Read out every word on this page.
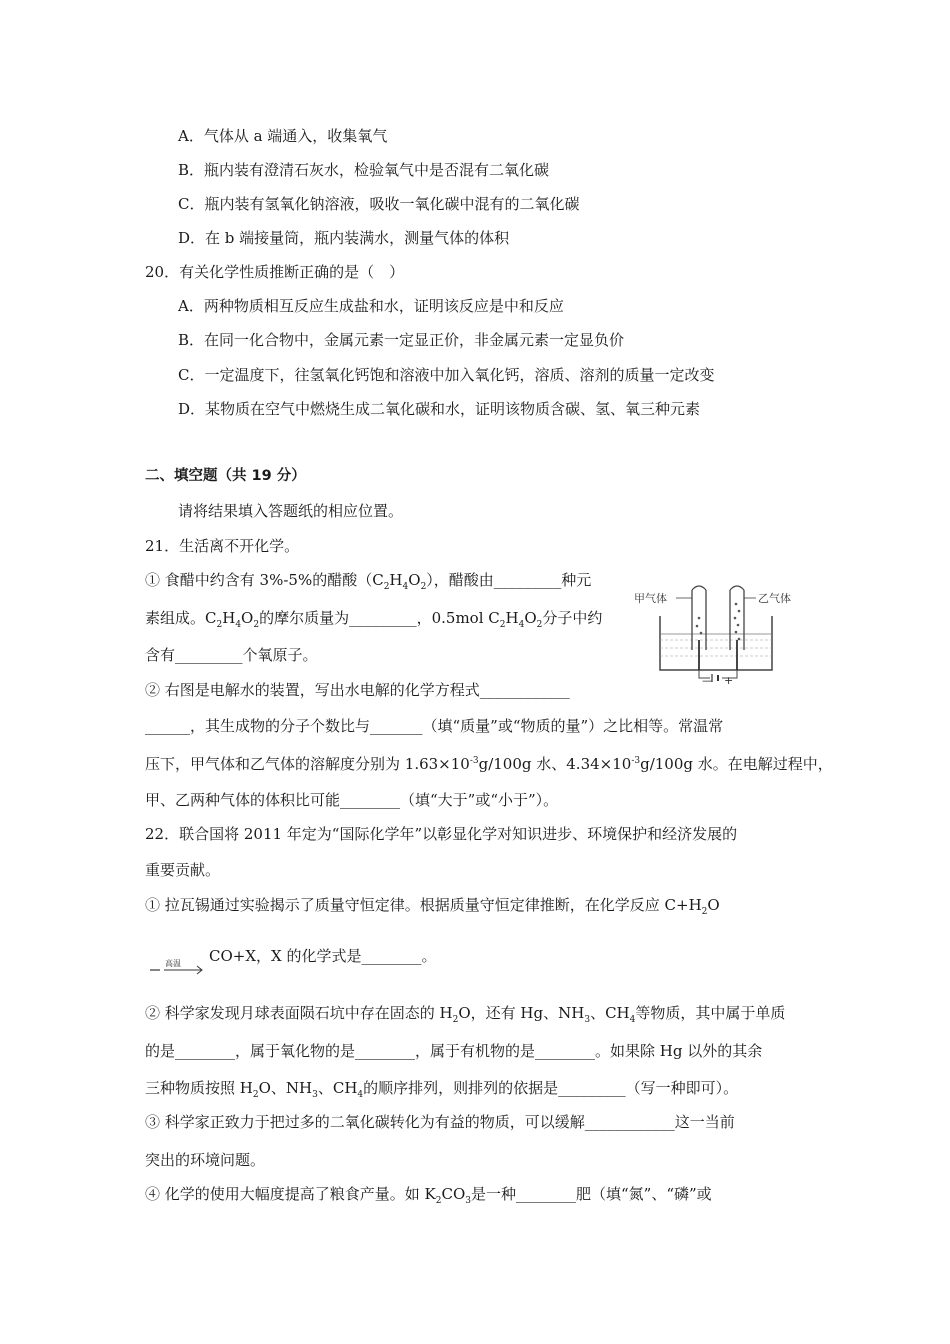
A．气体从 a 端通入，收集氧气
B．瓶内装有澄清石灰水，检验氧气中是否混有二氧化碳
C．瓶内装有氢氧化钠溶液，吸收一氧化碳中混有的二氧化碳
D．在 b 端接量筒，瓶内装满水，测量气体的体积
20．有关化学性质推断正确的是（　）
A．两种物质相互反应生成盐和水，证明该反应是中和反应
B．在同一化合物中，金属元素一定显正价，非金属元素一定显负价
C．一定温度下，往氢氧化钙饱和溶液中加入氧化钙，溶质、溶剂的质量一定改变
D．某物质在空气中燃烧生成二氧化碳和水，证明该物质含碳、氢、氧三种元素
二、填空题（共 19 分）
请将结果填入答题纸的相应位置。
21．生活离不开化学。
① 食醋中约含有 3%-5%的醋酸$(C_2H_4O_2)$，醋酸由_________种元
素组成。$C_2H_4O_2$的摩尔质量为_________，0.5mol $C_2H_4O_2$分子中约
含有_________个氧原子。
甲气体	乙气体
— +
② 右图是电解水的装置，写出水电解的化学方程式____________
______，其生成物的分子个数比与_______（填“质量”或“物质的量”）之比相等。常温常
压下，甲气体和乙气体的溶解度分别为 $1.63\times 10^{-3}g/100g$ 水、$4.34\times 10^{-3}g/100g$ 水。在电解过程中，
甲、乙两种气体的体积比可能________（填“大于”或“小于”）。
22．联合国将 2011 年定为“国际化学年”以彰显化学对知识进步、环境保护和经济发展的
重要贡献。
① 拉瓦锡通过实验揭示了质量守恒定律。根据质量守恒定律推断，在化学反应 $C+H_2O$
高温 CO+X，X 的化学式是________。
② 科学家发现月球表面陨石坑中存在固态的 $H_2O$，还有 Hg、$NH_3$、$CH_4$等物质，其中属于单质
的是________，属于氧化物的是________，属于有机物的是________。如果除 Hg 以外的其余
三种物质按照 $H_2O$、$NH_3$、$CH_4$的顺序排列，则排列的依据是_________（写一种即可）。
③ 科学家正致力于把过多的二氧化碳转化为有益的物质，可以缓解____________这一当前
突出的环境问题。
④ 化学的使用大幅度提高了粮食产量。如 $K_2CO_3$是一种________肥（填“氮”、“磷”或
